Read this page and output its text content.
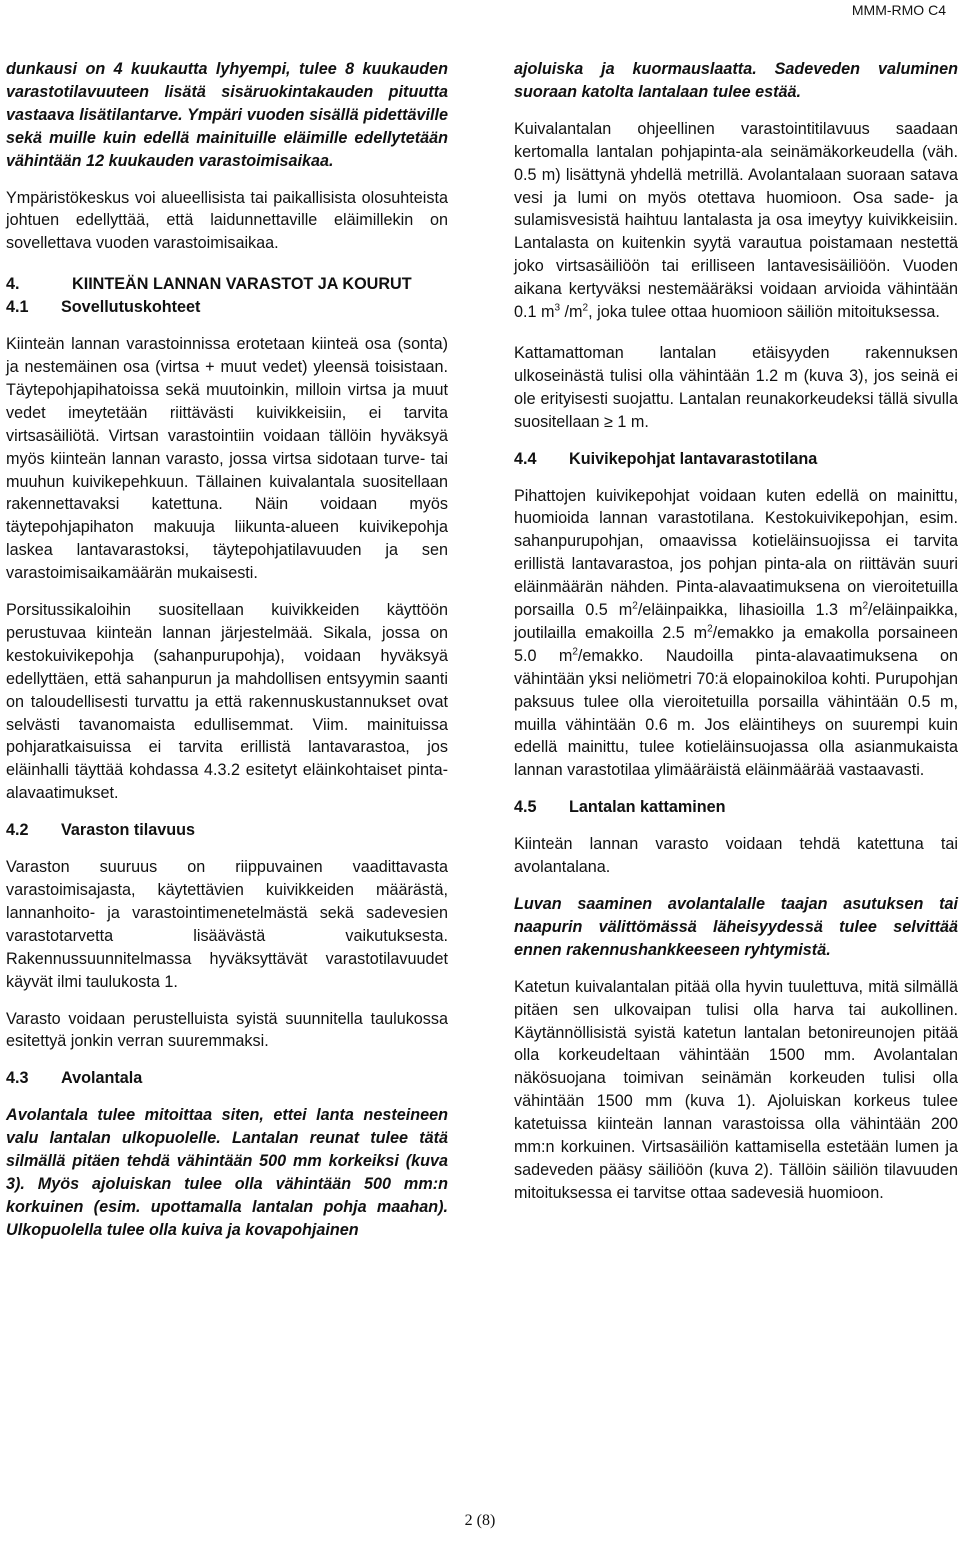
MMM-RMO C4

dunkausi on 4 kuukautta lyhyempi, tulee 8 kuukauden varastotilavuuteen lisätä sisäruokintakauden pituutta vastaava lisätilantarve. Ympäri vuoden sisällä pidettäville sekä muille kuin edellä mainituille eläimille edellytetään vähintään 12 kuukauden varastoimisaikaa.

Ympäristökeskus voi alueellisista tai paikallisista olosuhteista johtuen edellyttää, että laidunnettaville eläimillekin on sovellettava vuoden varastoimisaikaa.

4.	KIINTEÄN LANNAN VARASTOT JA KOURUT
4.1	Sovellutuskohteet

Kiinteän lannan varastoinnissa erotetaan kiinteä osa (sonta) ja nestemäinen osa (virtsa + muut vedet) yleensä toisistaan. Täytepohjapihatoissa sekä muutoinkin, milloin virtsa ja muut vedet imeytetään riittävästi kuivikkeisiin, ei tarvita virtsasäiliötä. Virtsan varastointiin voidaan tällöin hyväksyä myös kiinteän lannan varasto, jossa virtsa sidotaan turve- tai muuhun kuivikepehkuun. Tällainen kuivalantala suositellaan rakennettavaksi katettuna. Näin voidaan myös täytepohjapihaton makuuja liikunta-alueen kuivikepohja laskea lantavarastoksi, täytepohjatilavuuden ja sen varastoimisaikamäärän mukaisesti.

Porsitussikaloihin suositellaan kuivikkeiden käyttöön perustuvaa kiinteän lannan järjestelmää. Sikala, jossa on kestokuivikepohja (sahanpurupohja), voidaan hyväksyä edellyttäen, että sahanpurun ja mahdollisen entsyymin saanti on taloudellisesti turvattu ja että rakennuskustannukset ovat selvästi tavanomaista edullisemmat. Viim. mainituissa pohjaratkaisuissa ei tarvita erillistä lantavarastoa, jos eläinhalli täyttää kohdassa 4.3.2 esitetyt eläinkohtaiset pinta-alavaatimukset.

4.2	Varaston tilavuus

Varaston suuruus on riippuvainen vaadittavasta varastoimisajasta, käytettävien kuivikkeiden määrästä, lannanhoito- ja varastointimenetelmästä sekä sadevesien varastotarvetta lisäävästä vaikutuksesta. Rakennussuunnitelmassa hyväksyttävät varastotilavuudet käyvät ilmi taulukosta 1.

Varasto voidaan perustelluista syistä suunnitella taulukossa esitettyä jonkin verran suuremmaksi.

4.3	Avolantala

Avolantala tulee mitoittaa siten, ettei lanta nesteineen valu lantalan ulkopuolelle. Lantalan reunat tulee tätä silmällä pitäen tehdä vähintään 500 mm korkeiksi (kuva 3). Myös ajoluiskan tulee olla vähintään 500 mm:n korkuinen (esim. upottamalla lantalan pohja maahan). Ulkopuolella tulee olla kuiva ja kovapohjainen

ajoluiska ja kuormauslaatta. Sadeveden valuminen suoraan katolta lantalaan tulee estää.

Kuivalantalan ohjeellinen varastointitilavuus saadaan kertomalla lantalan pohjapinta-ala seinämäkorkeudella (väh. 0.5 m) lisättynä yhdellä metrillä. Avolantalaan suoraan satava vesi ja lumi on myös otettava huomioon. Osa sade- ja sulamisvesistä haihtuu lantalasta ja osa imeytyy kuivikkeisiin. Lantalasta on kuitenkin syytä varautua poistamaan nestettä joko virtsasäiliöön tai erilliseen lantavesisäiliöön. Vuoden aikana kertyväksi nestemääräksi voidaan arvioida vähintään 0.1 $m^3$ $/m^2$, joka tulee ottaa huomioon säiliön mitoituksessa.

Kattamattoman lantalan etäisyyden rakennuksen ulkoseinästä tulisi olla vähintään 1.2 m (kuva 3), jos seinä ei ole erityisesti suojattu. Lantalan reunakorkeudeksi tällä sivulla suositellaan ≥ 1 m.

4.4	Kuivikepohjat lantavarastotilana

Pihattojen kuivikepohjat voidaan kuten edellä on mainittu, huomioida lannan varastotilana. Kestokuivikepohjan, esim. sahanpurupohjan, omaavissa kotieläinsuojissa ei tarvita erillistä lantavarastoa, jos pohjan pinta-ala on riittävän suuri eläinmäärän nähden. Pinta-alavaatimuksena on vieroitetuilla porsailla 0.5 $m^2$/eläinpaikka, lihasioilla 1.3 $m^2$/eläinpaikka, joutilailla emakoilla 2.5 $m^2$/emakko ja emakolla porsaineen 5.0 $m^2$/emakko. Naudoilla pinta-alavaatimuksena on vähintään yksi neliömetri 70:ä elopainokiloa kohti. Purupohjan paksuus tulee olla vieroitetuilla porsailla vähintään 0.5 m, muilla vähintään 0.6 m. Jos eläintiheys on suurempi kuin edellä mainittu, tulee kotieläinsuojassa olla asianmukaista lannan varastotilaa ylimääräistä eläinmäärää vastaavasti.

4.5	Lantalan kattaminen

Kiinteän lannan varasto voidaan tehdä katettuna tai avolantalana.

Luvan saaminen avolantalalle taajan asutuksen tai naapurin välittömässä läheisyydessä tulee selvittää ennen rakennushankkeeseen ryhtymistä.

Katetun kuivalantalan pitää olla hyvin tuulettuva, mitä silmällä pitäen sen ulkovaipan tulisi olla harva tai aukollinen. Käytännöllisistä syistä katetun lantalan betonireunojen pitää olla korkeudeltaan vähintään 1500 mm. Avolantalan näkösuojana toimivan seinämän korkeuden tulisi olla vähintään 1500 mm (kuva 1). Ajoluiskan korkeus tulee katetuissa kiinteän lannan varastoissa olla vähintään 200 mm:n korkuinen. Virtsasäiliön kattamisella estetään lumen ja sadeveden pääsy säiliöön (kuva 2). Tällöin säiliön tilavuuden mitoituksessa ei tarvitse ottaa sadevesiä huomioon.

2 (8)
